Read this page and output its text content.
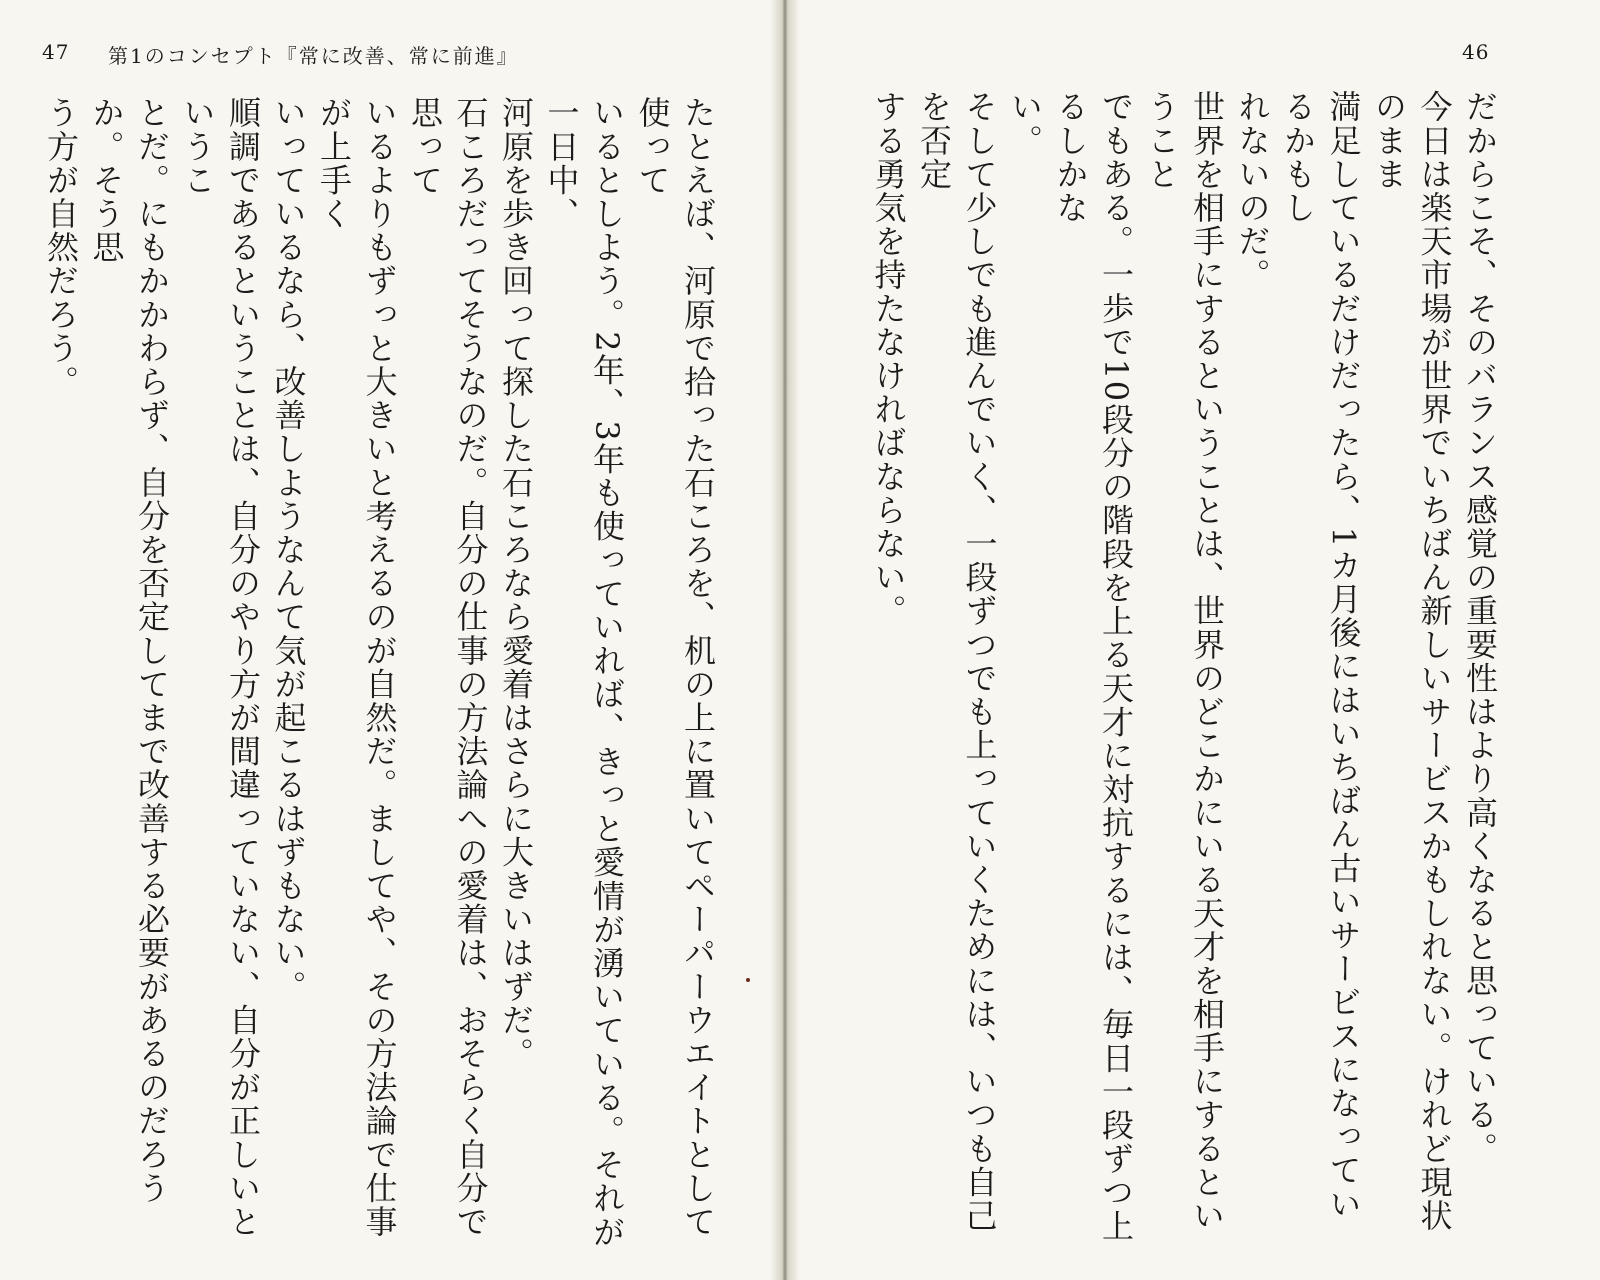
47 第1のコンセプト『常に改善、常に前進』	46
たとえば、河原で拾った石ころを、机の上に置いてペーパーウエイトとして使って
いるとしよう。2年、3年も使っていれば、きっと愛情が湧いている。それが一日中、
河原を歩き回って探した石ころなら愛着はさらに大きいはずだ。
石ころだってそうなのだ。自分の仕事の方法論への愛着は、おそらく自分で思って
いるよりもずっと大きいと考えるのが自然だ。ましてや、その方法論で仕事が上手く
いっているなら、改善しようなんて気が起こるはずもない。
順調であるということは、自分のやり方が間違っていない、自分が正しいというこ
とだ。にもかかわらず、自分を否定してまで改善する必要があるのだろうか。そう思
う方が自然だろう。	だからこそ、そのバランス感覚の重要性はより高くなると思っている。
今日は楽天市場が世界でいちばん新しいサービスかもしれない。けれど現状のまま
満足しているだけだったら、1カ月後にはいちばん古いサービスになっているかもし
れないのだ。
世界を相手にするということは、世界のどこかにいる天才を相手にするということ
でもある。一歩で10段分の階段を上る天才に対抗するには、毎日一段ずつ上るしかな
い。
そして少しでも進んでいく、一段ずつでも上っていくためには、いつも自己を否定
する勇気を持たなければならない。
